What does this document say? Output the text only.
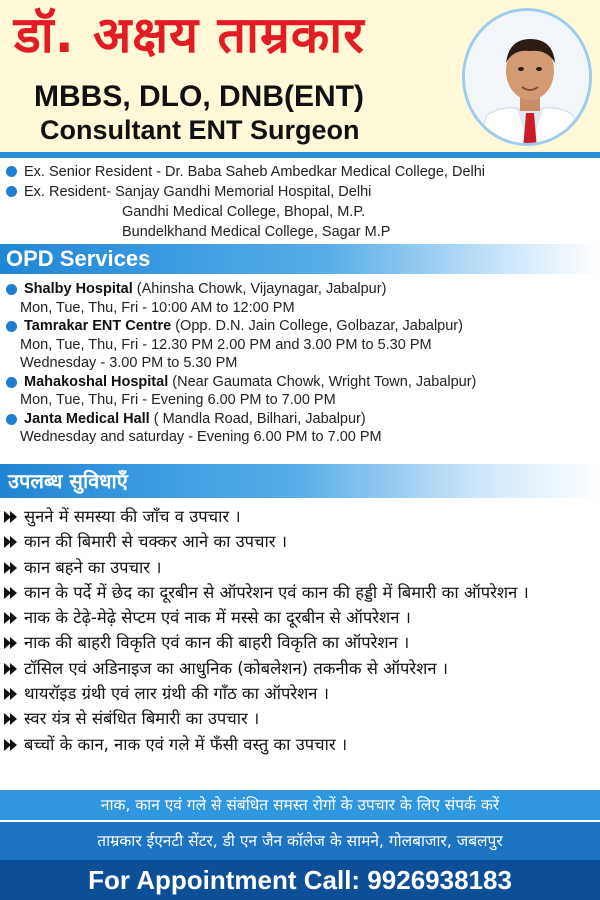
डॉ. अक्षय ताम्रकार
MBBS, DLO, DNB(ENT)
Consultant ENT Surgeon
Ex. Senior Resident - Dr. Baba Saheb Ambedkar Medical College, Delhi
Ex. Resident- Sanjay Gandhi Memorial Hospital, Delhi
Gandhi Medical College, Bhopal, M.P.
Bundelkhand Medical College, Sagar M.P
OPD Services
Shalby Hospital (Ahinsha Chowk, Vijaynagar, Jabalpur)
Mon, Tue, Thu, Fri - 10:00 AM to 12:00 PM
Tamrakar ENT Centre (Opp. D.N. Jain College, Golbazar, Jabalpur)
Mon, Tue, Thu, Fri - 12.30 PM 2.00 PM and 3.00 PM to 5.30 PM
Wednesday - 3.00 PM to 5.30 PM
Mahakoshal Hospital (Near Gaumata Chowk, Wright Town, Jabalpur)
Mon, Tue, Thu, Fri - Evening 6.00 PM to 7.00 PM
Janta Medical Hall ( Mandla Road, Bilhari, Jabalpur)
Wednesday and saturday - Evening 6.00 PM to 7.00 PM
उपलब्ध सुविधाएँ
सुनने में समस्या की जाँच व उपचार ।
कान की बिमारी से चक्कर आने का उपचार ।
कान बहने का उपचार ।
कान के पर्दे में छेद का दूरबीन से ऑपरेशन एवं कान की हड्डी में बिमारी का ऑपरेशन ।
नाक के टेढ़े-मेढ़े सेप्टम एवं नाक में मस्से का दूरबीन से ऑपरेशन ।
नाक की बाहरी विकृति एवं कान की बाहरी विकृति का ऑपरेशन ।
टॉसिल एवं अडिनाइज का आधुनिक (कोबलेशन) तकनीक से ऑपरेशन ।
थायरॉइड ग्रंथी एवं लार ग्रंथी की गाँठ का ऑपरेशन ।
स्वर यंत्र से संबंधित बिमारी का उपचार ।
बच्चों के कान, नाक एवं गले में फँसी वस्तु का उपचार ।
नाक, कान एवं गले से संबंधित समस्त रोगों के उपचार के लिए संपर्क करें
ताम्रकार ईएनटी सेंटर, डी एन जैन कॉलेज के सामने, गोलबाजार, जबलपुर
For Appointment Call: 9926938183
